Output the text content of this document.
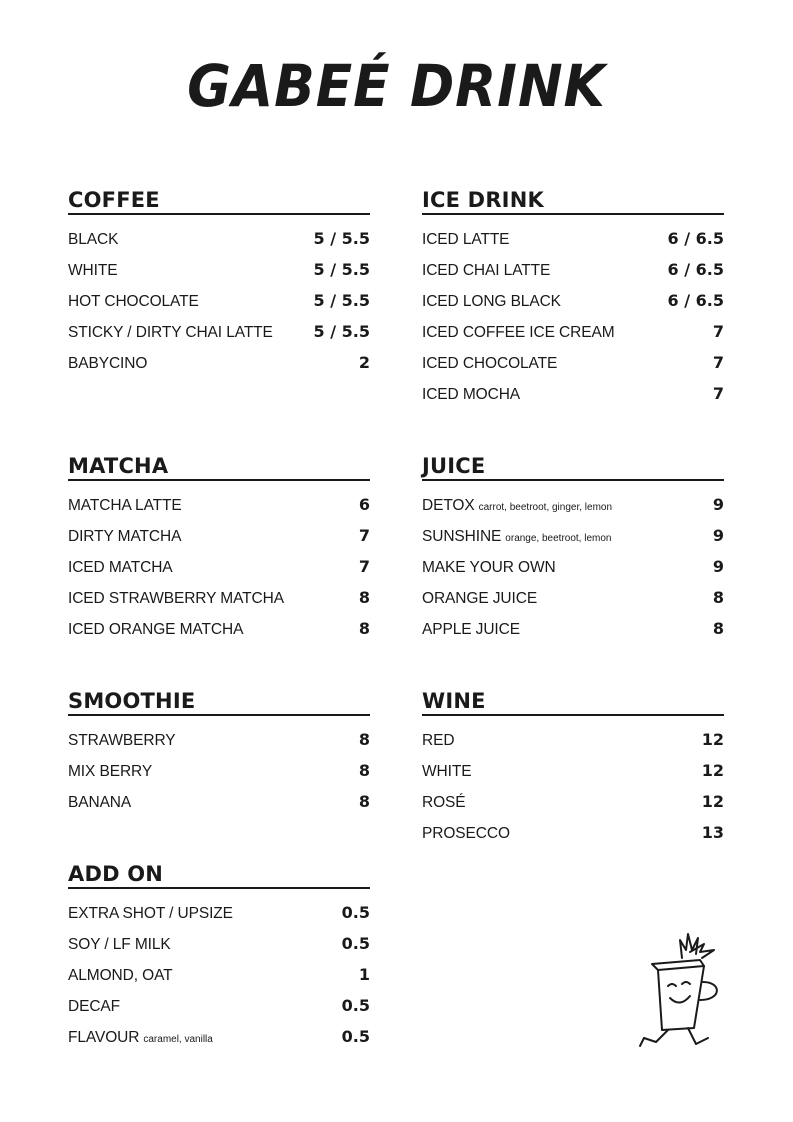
GABEÉ DRINK
COFFEE
BLACK	5 / 5.5
WHITE	5 / 5.5
HOT CHOCOLATE	5 / 5.5
STICKY / DIRTY CHAI LATTE	5 / 5.5
BABYCINO	2
ICE DRINK
ICED LATTE	6 / 6.5
ICED CHAI LATTE	6 / 6.5
ICED LONG BLACK	6 / 6.5
ICED COFFEE ICE CREAM	7
ICED CHOCOLATE	7
ICED MOCHA	7
MATCHA
MATCHA LATTE	6
DIRTY MATCHA	7
ICED MATCHA	7
ICED STRAWBERRY MATCHA	8
ICED ORANGE MATCHA	8
JUICE
DETOX carrot, beetroot, ginger, lemon	9
SUNSHINE orange, beetroot, lemon	9
MAKE YOUR OWN	9
ORANGE JUICE	8
APPLE JUICE	8
SMOOTHIE
STRAWBERRY	8
MIX BERRY	8
BANANA	8
WINE
RED	12
WHITE	12
ROSÉ	12
PROSECCO	13
ADD ON
EXTRA SHOT / UPSIZE	0.5
SOY / LF MILK	0.5
ALMOND, OAT	1
DECAF	0.5
FLAVOUR caramel, vanilla	0.5
